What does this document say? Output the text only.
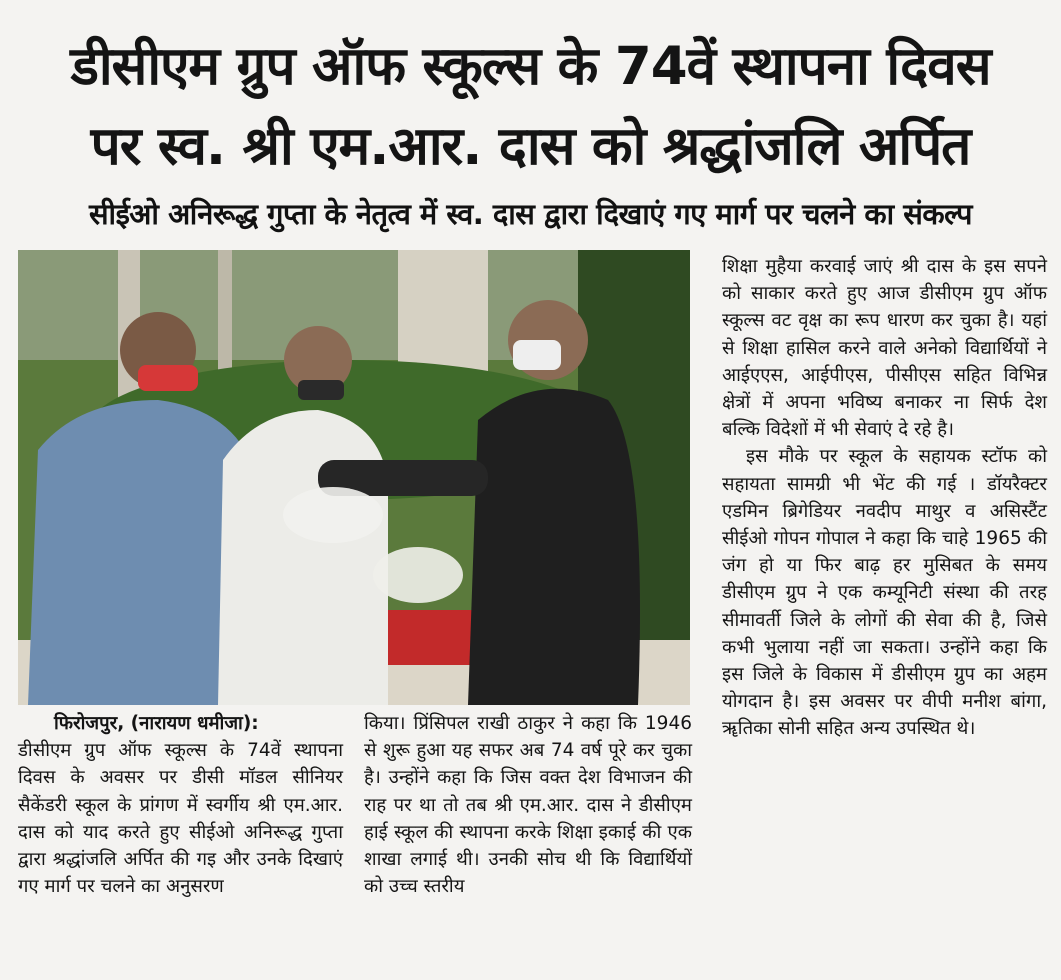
डीसीएम ग्रुप ऑफ स्कूल्स के 74वें स्थापना दिवस
पर स्व. श्री एम.आर. दास को श्रद्धांजलि अर्पित
सीईओ अनिरूद्ध गुप्ता के नेतृत्व में स्व. दास द्वारा दिखाएं गए मार्ग पर चलने का संकल्प
फिरोजपुर, (नारायण धमीजा):

डीसीएम ग्रुप ऑफ स्कूल्स के 74वें स्थापना दिवस के अवसर पर डीसी मॉडल सीनियर सैकेंडरी स्कूल के प्रांगण में स्वर्गीय श्री एम.आर. दास को याद करते हुए सीईओ अनिरूद्ध गुप्ता द्वारा श्रद्धांजलि अर्पित की गइ और उनके दिखाएं गए मार्ग पर चलने का अनुसरण

किया। प्रिंसिपल राखी ठाकुर ने कहा कि 1946 से शुरू हुआ यह सफर अब 74 वर्ष पूरे कर चुका है। उन्होंने कहा कि जिस वक्त देश विभाजन की राह पर था तो तब श्री एम.आर. दास ने डीसीएम हाई स्कूल की स्थापना करके शिक्षा इकाई की एक शाखा लगाई थी। उनकी सोच थी कि विद्यार्थियों को उच्च स्तरीय

शिक्षा मुहैया करवाई जाएं श्री दास के इस सपने को साकार करते हुए आज डीसीएम ग्रुप ऑफ स्कूल्स वट वृक्ष का रूप धारण कर चुका है। यहां से शिक्षा हासिल करने वाले अनेको विद्यार्थियों ने आईएएस, आईपीएस, पीसीएस सहित विभिन्न क्षेत्रों में अपना भविष्य बनाकर ना सिर्फ देश बल्कि विदेशों में भी सेवाएं दे रहे है।

इस मौके पर स्कूल के सहायक स्टॉफ को सहायता सामग्री भी भेंट की गई । डॉयरैक्टर एडमिन ब्रिगेडियर नवदीप माथुर व असिस्टैंट सीईओ गोपन गोपाल ने कहा कि चाहे 1965 की जंग हो या फिर बाढ़ हर मुसिबत के समय डीसीएम ग्रुप ने एक कम्यूनिटी संस्था की तरह सीमावर्ती जिले के लोगों की सेवा की है, जिसे कभी भुलाया नहीं जा सकता। उन्होंने कहा कि इस जिले के विकास में डीसीएम ग्रुप का अहम योगदान है। इस अवसर पर वीपी मनीश बांगा, ॠतिका सोनी सहित अन्य उपस्थित थे।
